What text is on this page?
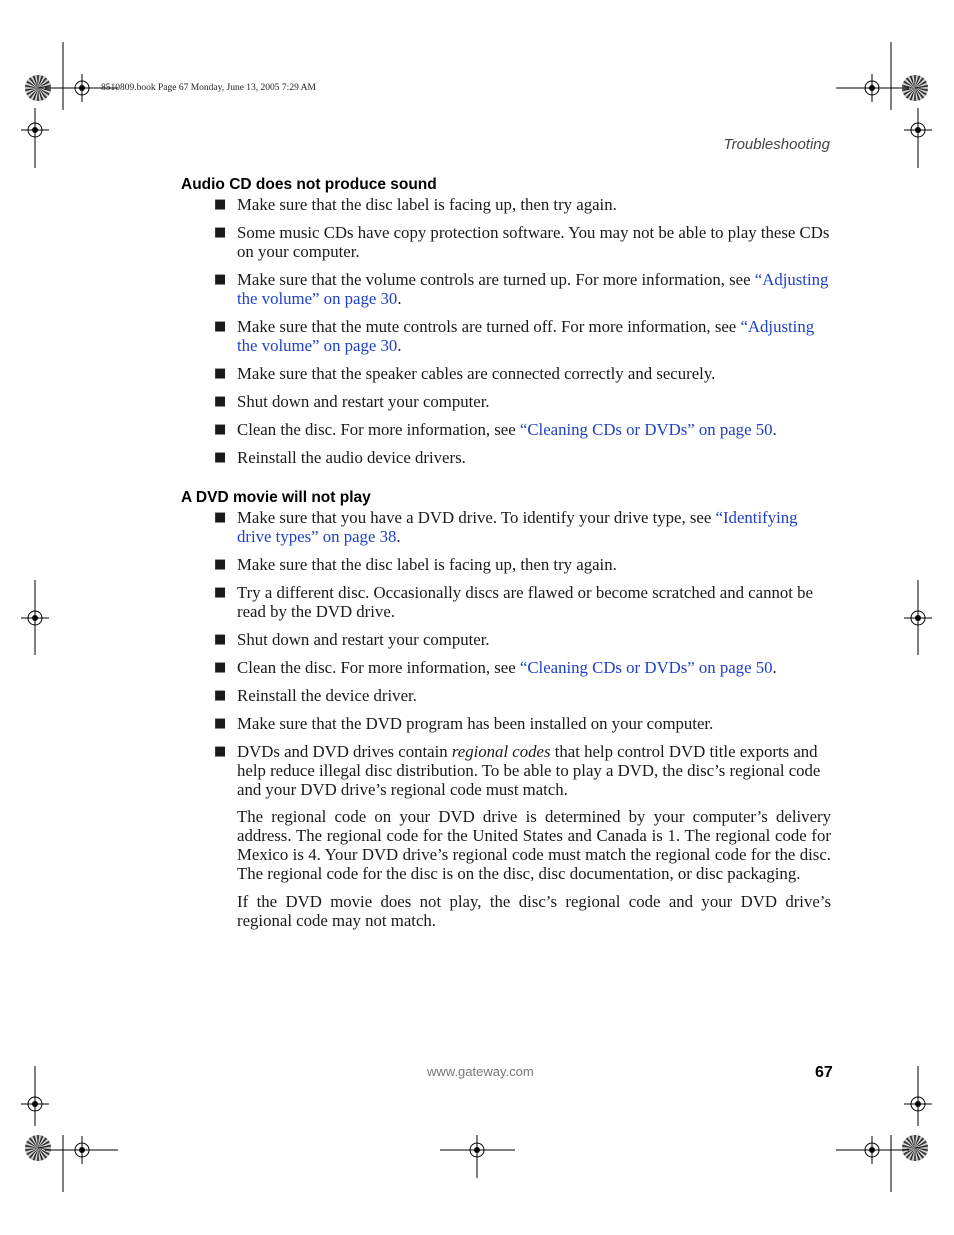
8510809.book Page 67 Monday, June 13, 2005 7:29 AM
Troubleshooting
Audio CD does not produce sound
■ Make sure that the disc label is facing up, then try again.
■ Some music CDs have copy protection software. You may not be able to play these CDs on your computer.
■ Make sure that the volume controls are turned up. For more information, see “Adjusting the volume” on page 30.
■ Make sure that the mute controls are turned off. For more information, see “Adjusting the volume” on page 30.
■ Make sure that the speaker cables are connected correctly and securely.
■ Shut down and restart your computer.
■ Clean the disc. For more information, see “Cleaning CDs or DVDs” on page 50.
■ Reinstall the audio device drivers.
A DVD movie will not play
■ Make sure that you have a DVD drive. To identify your drive type, see “Identifying drive types” on page 38.
■ Make sure that the disc label is facing up, then try again.
■ Try a different disc. Occasionally discs are flawed or become scratched and cannot be read by the DVD drive.
■ Shut down and restart your computer.
■ Clean the disc. For more information, see “Cleaning CDs or DVDs” on page 50.
■ Reinstall the device driver.
■ Make sure that the DVD program has been installed on your computer.
■ DVDs and DVD drives contain regional codes that help control DVD title exports and help reduce illegal disc distribution. To be able to play a DVD, the disc’s regional code and your DVD drive’s regional code must match.

The regional code on your DVD drive is determined by your computer’s delivery address. The regional code for the United States and Canada is 1. The regional code for Mexico is 4. Your DVD drive’s regional code must match the regional code for the disc. The regional code for the disc is on the disc, disc documentation, or disc packaging.

If the DVD movie does not play, the disc’s regional code and your DVD drive’s regional code may not match.

www.gateway.com	67
